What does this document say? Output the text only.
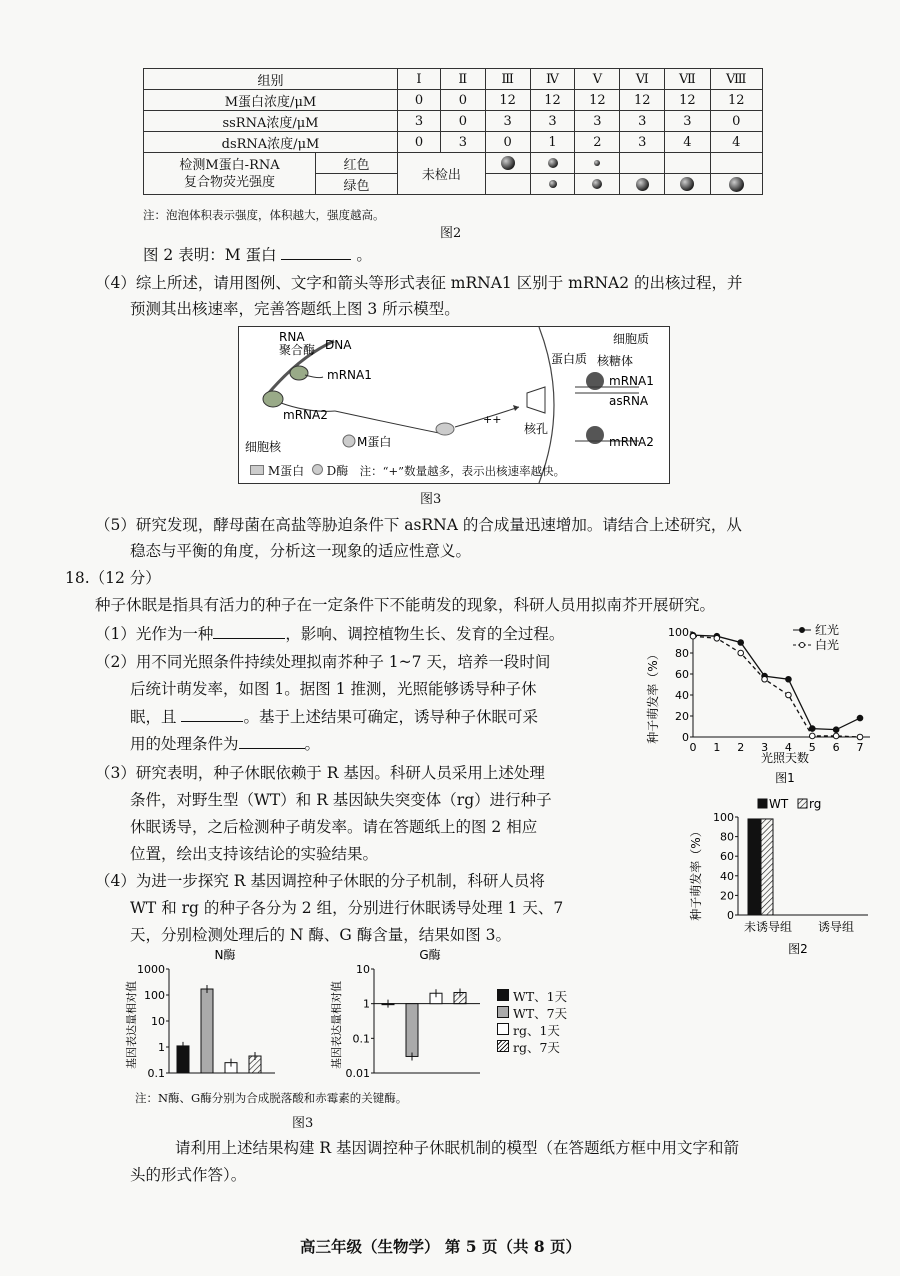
组别		Ⅰ	Ⅱ	Ⅲ	Ⅳ	Ⅴ	Ⅵ	Ⅶ	Ⅷ
M蛋白浓度/μM		0	0	12	12	12	12	12	12
ssRNA浓度/μM		3	0	3	3	3	3	3	0
dsRNA浓度/μM		0	3	0	1	2	3	4	4
检测M蛋白-RNA
复合物荧光强度	红色	未检出							
	绿色								
注：泡泡体积表示强度，体积越大，强度越高。
图2
图 2 表明：M 蛋白	。
（4）综上所述，请用图例、文字和箭头等形式表征 mRNA1 区别于 mRNA2 的出核过程，并
预测其出核速率，完善答题纸上图 3 所示模型。
RNA
聚合酶 DNA
mRNA1
mRNA2
细胞核	M蛋白
++
核孔
蛋白质
细胞质
核糖体
mRNA1
asRNA
mRNA2
M蛋白 D酶 注：“+”数量越多，表示出核速率越快。
图3
（5）研究发现，酵母菌在高盐等胁迫条件下 asRNA 的合成量迅速增加。请结合上述研究，从
稳态与平衡的角度，分析这一现象的适应性意义。
18.（12 分）
种子休眠是指具有活力的种子在一定条件下不能萌发的现象，科研人员用拟南芥开展研究。
（1）光作为一种	，影响、调控植物生长、发育的全过程。
（2）用不同光照条件持续处理拟南芥种子 1~7 天，培养一段时间
后统计萌发率，如图 1。据图 1 推测，光照能够诱导种子休
眠，且	。基于上述结果可确定，诱导种子休眠可采
用的处理条件为	。
（3）研究表明，种子休眠依赖于 R 基因。科研人员采用上述处理
条件，对野生型（WT）和 R 基因缺失突变体（rg）进行种子
休眠诱导，之后检测种子萌发率。请在答题纸上的图 2 相应
位置，绘出支持该结论的实验结果。
（4）为进一步探究 R 基因调控种子休眠的分子机制，科研人员将
WT 和 rg 的种子各分为 2 组，分别进行休眠诱导处理 1 天、7
天，分别检测处理后的 N 酶、G 酶含量，结果如图 3。
种子萌发率（%）
光照天数
图1
0
20
40
60
80
100
0 1 2 3 4 5 6 7
红光
白光
种子萌发率（%）
图2
0
20
40
60
80
100
未诱导组 诱导组
WT rg
N酶
基因表达量相对值
0.1
1
10
100
1000
G酶
基因表达量相对值
0.01
0.1
1
10
WT、1天
WT、7天
rg、1天
rg、7天
注：N酶、G酶分别为合成脱落酸和赤霉素的关键酶。
图3
请利用上述结果构建 R 基因调控种子休眠机制的模型（在答题纸方框中用文字和箭
头的形式作答）。
高三年级（生物学） 第 5 页（共 8 页）
